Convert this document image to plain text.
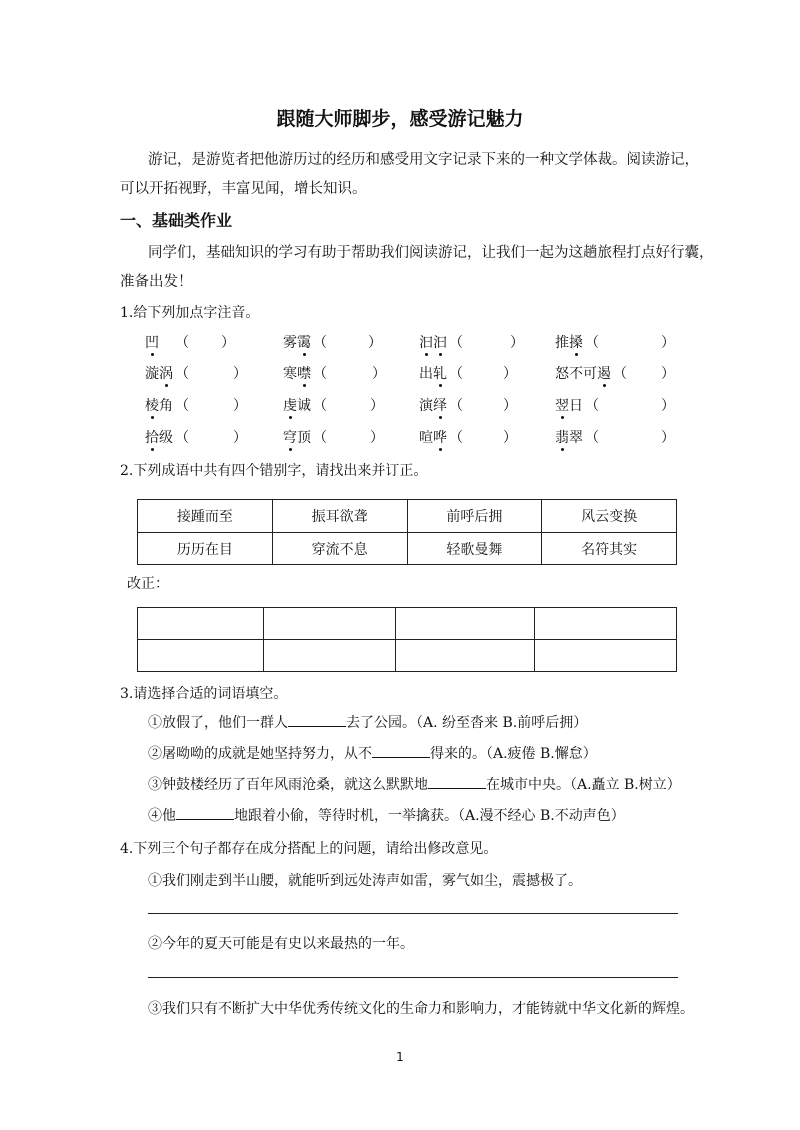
跟随大师脚步，感受游记魅力
游记，是游览者把他游历过的经历和感受用文字记录下来的一种文学体裁。阅读游记，
可以开拓视野，丰富见闻，增长知识。
一、基础类作业
同学们，基础知识的学习有助于帮助我们阅读游记，让我们一起为这趟旅程打点好行囊，
准备出发！
1.给下列加点字注音。
凹 （ ）	雾霭 （	）	汩汩 （	） 推搡 （	）
漩涡 （	）	寒噤 （	） 出轧 （	）	怒不可遏 （ ）
棱角 （	）	虔诚 （	）	演绎 （	）	翌日 （	）
拾级 （	）	穹顶 （	）	喧哗 （	）	翡翠 （	）
2.下列成语中共有四个错别字，请找出来并订正。
接踵而至	振耳欲聋	前呼后拥	风云变换
历历在目	穿流不息	轻歌曼舞	名符其实
改正：

3.请选择合适的词语填空。
①放假了，他们一群人	去了公园。（A. 纷至沓来 B.前呼后拥）
②屠呦呦的成就是她坚持努力，从不	得来的。（A.疲倦 B.懈怠）
③钟鼓楼经历了百年风雨沧桑，就这么默默地	在城市中央。（A.矗立 B.树立）
④他	地跟着小偷，等待时机，一举擒获。（A.漫不经心 B.不动声色）
4.下列三个句子都存在成分搭配上的问题，请给出修改意见。
①我们刚走到半山腰，就能听到远处涛声如雷，雾气如尘，震撼极了。
②今年的夏天可能是有史以来最热的一年。
③我们只有不断扩大中华优秀传统文化的生命力和影响力，才能铸就中华文化新的辉煌。
1
